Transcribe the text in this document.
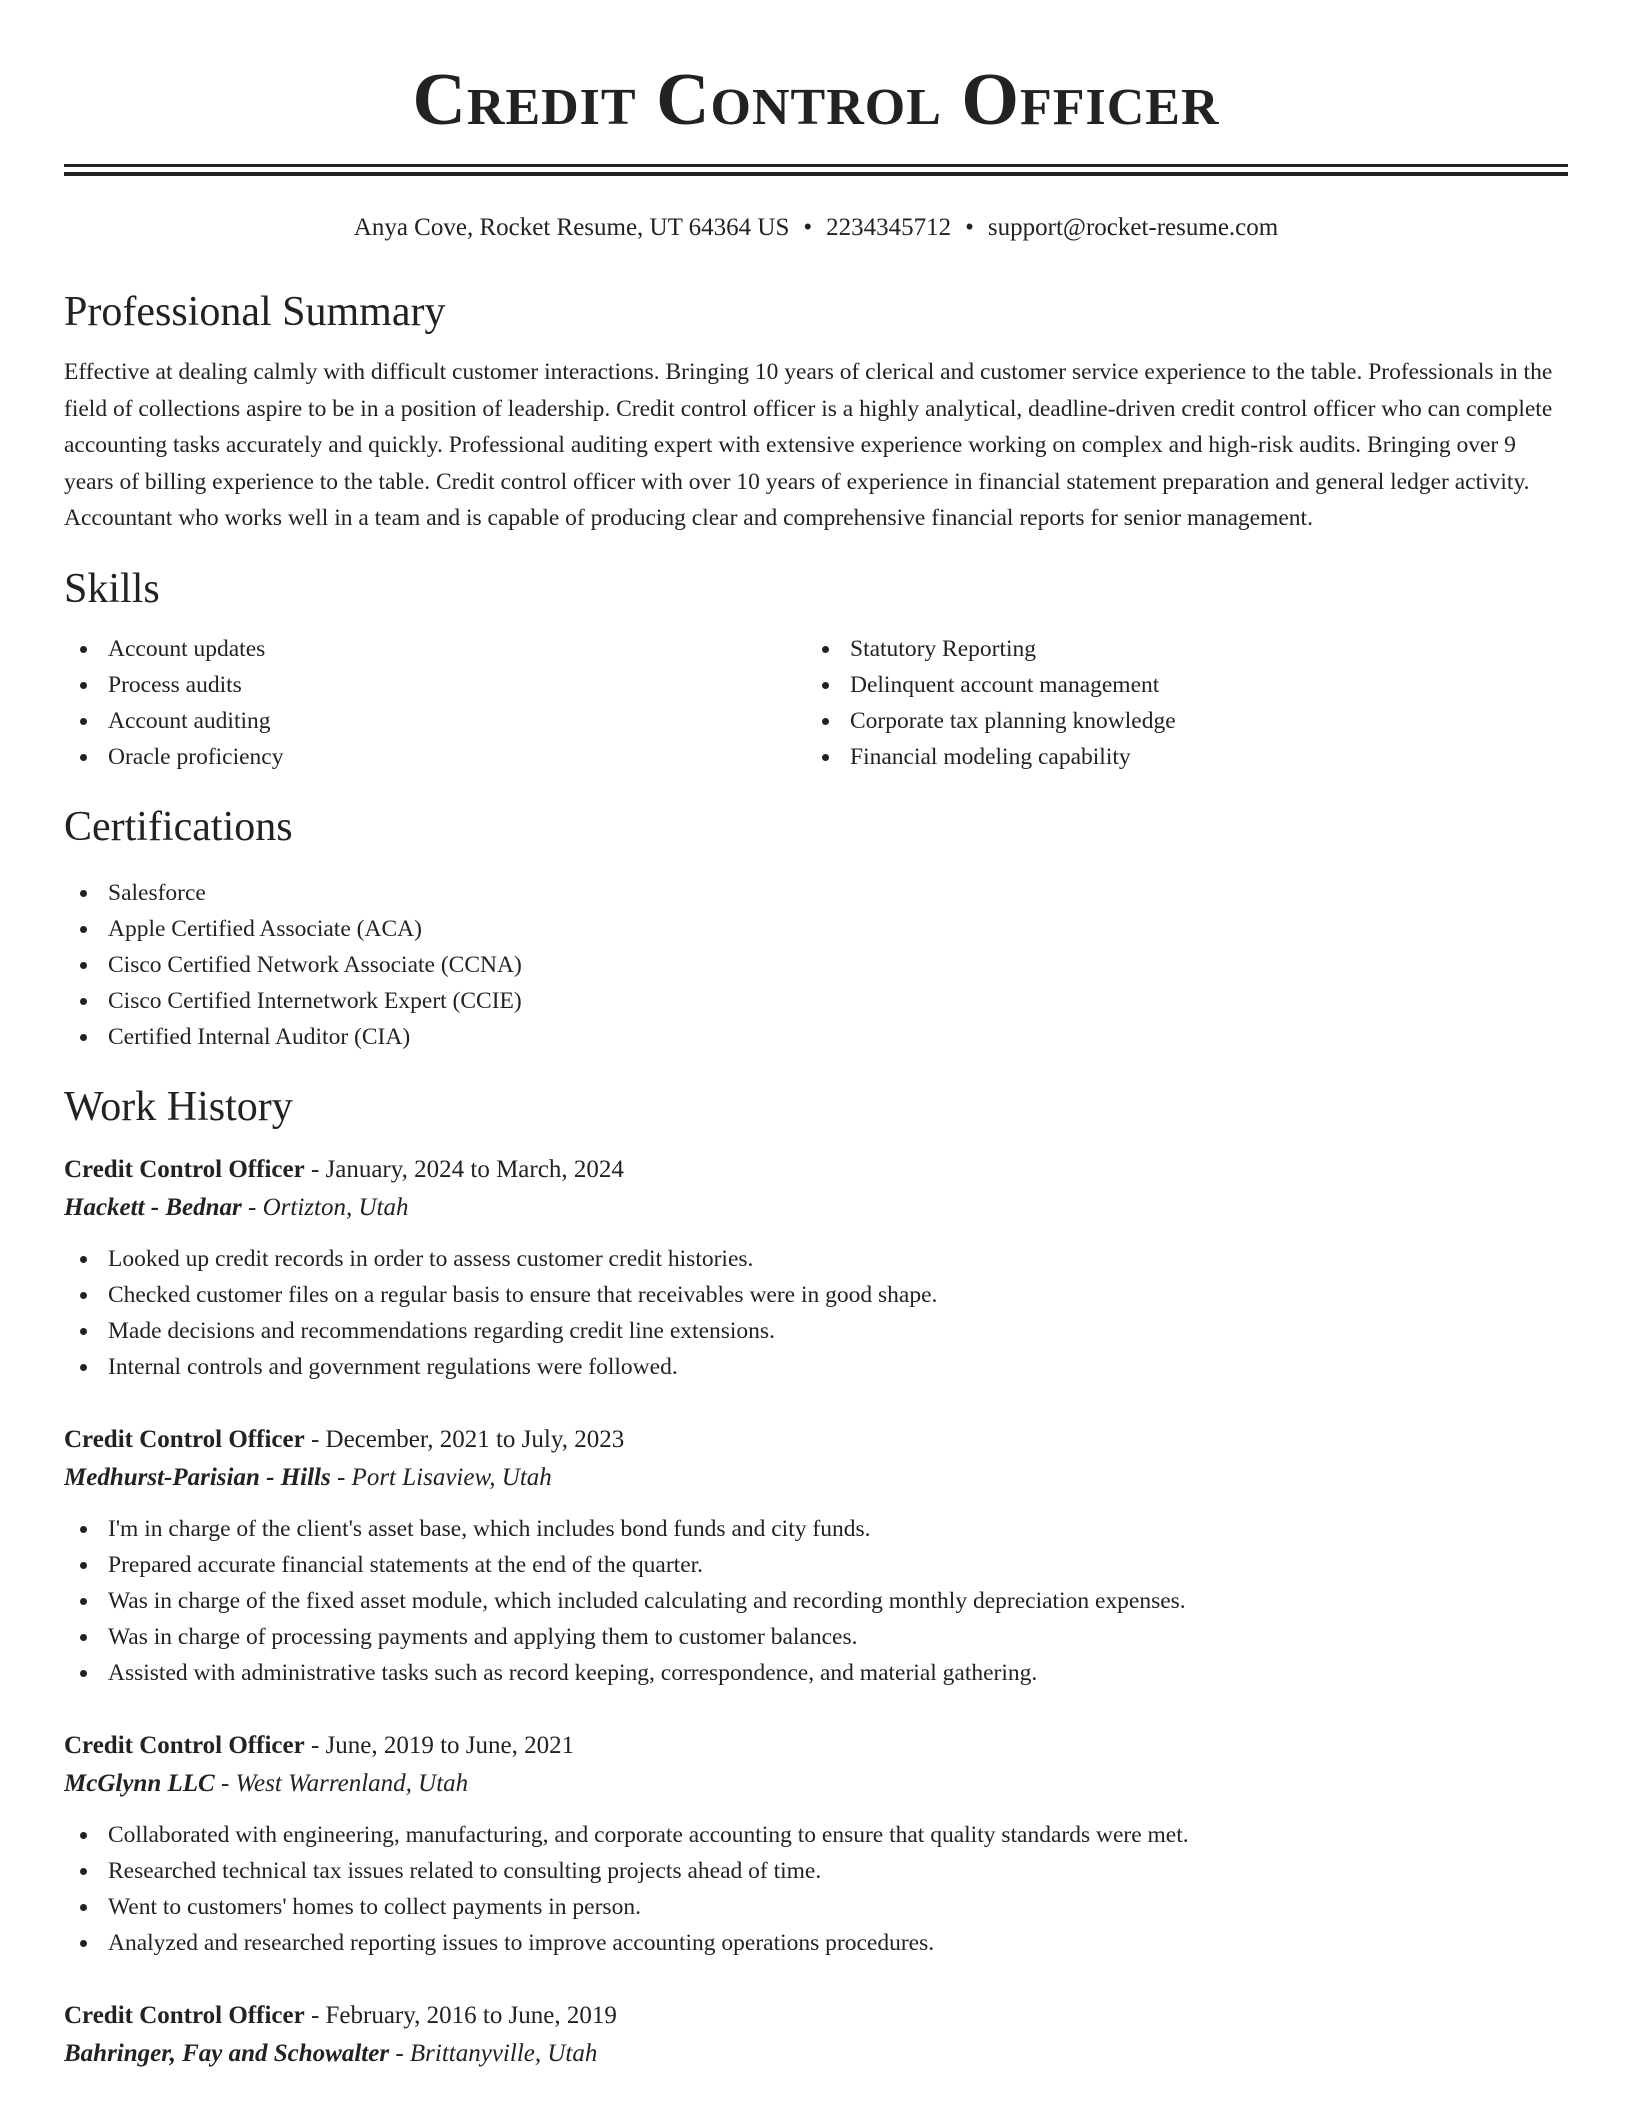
Credit Control Officer
Anya Cove, Rocket Resume, UT 64364 US • 2234345712 • support@rocket-resume.com
Professional Summary

Effective at dealing calmly with difficult customer interactions. Bringing 10 years of clerical and customer service experience to the table. Professionals in the field of collections aspire to be in a position of leadership. Credit control officer is a highly analytical, deadline-driven credit control officer who can complete accounting tasks accurately and quickly. Professional auditing expert with extensive experience working on complex and high-risk audits. Bringing over 9 years of billing experience to the table. Credit control officer with over 10 years of experience in financial statement preparation and general ledger activity. Accountant who works well in a team and is capable of producing clear and comprehensive financial reports for senior management.

Skills
Account updates
Process audits
Account auditing
Oracle proficiency
Statutory Reporting
Delinquent account management
Corporate tax planning knowledge
Financial modeling capability
Certifications
Salesforce
Apple Certified Associate (ACA)
Cisco Certified Network Associate (CCNA)
Cisco Certified Internetwork Expert (CCIE)
Certified Internal Auditor (CIA)
Work History
Credit Control Officer - January, 2024 to March, 2024
Hackett - Bednar - Ortizton, Utah
Looked up credit records in order to assess customer credit histories.
Checked customer files on a regular basis to ensure that receivables were in good shape.
Made decisions and recommendations regarding credit line extensions.
Internal controls and government regulations were followed.
Credit Control Officer - December, 2021 to July, 2023
Medhurst-Parisian - Hills - Port Lisaview, Utah
I'm in charge of the client's asset base, which includes bond funds and city funds.
Prepared accurate financial statements at the end of the quarter.
Was in charge of the fixed asset module, which included calculating and recording monthly depreciation expenses.
Was in charge of processing payments and applying them to customer balances.
Assisted with administrative tasks such as record keeping, correspondence, and material gathering.
Credit Control Officer - June, 2019 to June, 2021
McGlynn LLC - West Warrenland, Utah
Collaborated with engineering, manufacturing, and corporate accounting to ensure that quality standards were met.
Researched technical tax issues related to consulting projects ahead of time.
Went to customers' homes to collect payments in person.
Analyzed and researched reporting issues to improve accounting operations procedures.
Credit Control Officer - February, 2016 to June, 2019
Bahringer, Fay and Schowalter - Brittanyville, Utah
